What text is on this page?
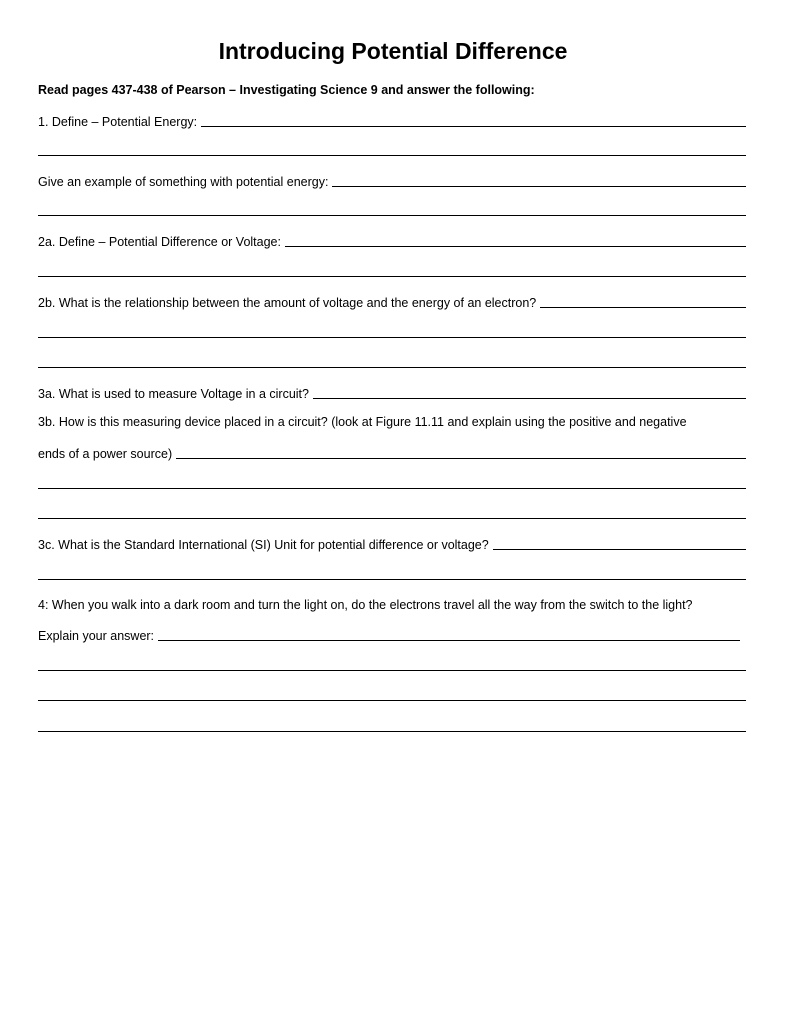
Introducing Potential Difference
Read pages 437-438 of Pearson – Investigating Science 9 and answer the following:
1. Define – Potential Energy:
Give an example of something with potential energy:
2a. Define – Potential Difference or Voltage:
2b. What is the relationship between the amount of voltage and the energy of an electron?
3a. What is used to measure Voltage in a circuit?
3b. How is this measuring device placed in a circuit? (look at Figure 11.11 and explain using the positive and negative
ends of a power source)
3c. What is the Standard International (SI) Unit for potential difference or voltage?
4: When you walk into a dark room and turn the light on, do the electrons travel all the way from the switch to the light?
Explain your answer:
